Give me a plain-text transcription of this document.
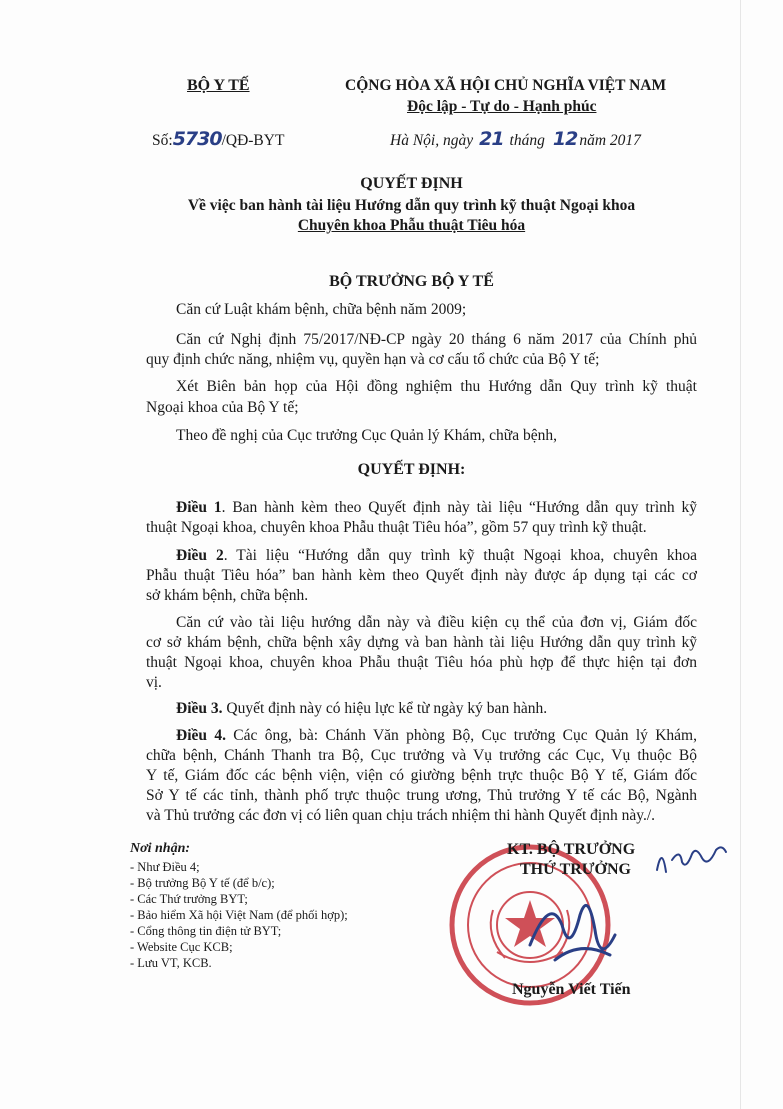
BỘ Y TẾ	CỘNG HÒA XÃ HỘI CHỦ NGHĨA VIỆT NAM
Độc lập - Tự do - Hạnh phúc
Số:5730/QĐ-BYT	Hà Nội, ngày 21 tháng 12 năm 2017
QUYẾT ĐỊNH
Về việc ban hành tài liệu Hướng dẫn quy trình kỹ thuật Ngoại khoa
Chuyên khoa Phẫu thuật Tiêu hóa
BỘ TRƯỞNG BỘ Y TẾ
Căn cứ Luật khám bệnh, chữa bệnh năm 2009;
Căn cứ Nghị định 75/2017/NĐ-CP ngày 20 tháng 6 năm 2017 của Chính phủ
quy định chức năng, nhiệm vụ, quyền hạn và cơ cấu tổ chức của Bộ Y tế;
Xét Biên bản họp của Hội đồng nghiệm thu Hướng dẫn Quy trình kỹ thuật
Ngoại khoa của Bộ Y tế;
Theo đề nghị của Cục trưởng Cục Quản lý Khám, chữa bệnh,
QUYẾT ĐỊNH:
Điều 1. Ban hành kèm theo Quyết định này tài liệu “Hướng dẫn quy trình kỹ
thuật Ngoại khoa, chuyên khoa Phẫu thuật Tiêu hóa”, gồm 57 quy trình kỹ thuật.
Điều 2. Tài liệu “Hướng dẫn quy trình kỹ thuật Ngoại khoa, chuyên khoa
Phẫu thuật Tiêu hóa” ban hành kèm theo Quyết định này được áp dụng tại các cơ
sở khám bệnh, chữa bệnh.
Căn cứ vào tài liệu hướng dẫn này và điều kiện cụ thể của đơn vị, Giám đốc
cơ sở khám bệnh, chữa bệnh xây dựng và ban hành tài liệu Hướng dẫn quy trình kỹ
thuật Ngoại khoa, chuyên khoa Phẫu thuật Tiêu hóa phù hợp để thực hiện tại đơn
vị.
Điều 3. Quyết định này có hiệu lực kể từ ngày ký ban hành.
Điều 4. Các ông, bà: Chánh Văn phòng Bộ, Cục trưởng Cục Quản lý Khám,
chữa bệnh, Chánh Thanh tra Bộ, Cục trưởng và Vụ trưởng các Cục, Vụ thuộc Bộ
Y tế, Giám đốc các bệnh viện, viện có giường bệnh trực thuộc Bộ Y tế, Giám đốc
Sở Y tế các tỉnh, thành phố trực thuộc trung ương, Thủ trưởng Y tế các Bộ, Ngành
và Thủ trưởng các đơn vị có liên quan chịu trách nhiệm thi hành Quyết định này./.
Nơi nhận:
- Như Điều 4;
- Bộ trưởng Bộ Y tế (để b/c);
- Các Thứ trưởng BYT;
- Bảo hiểm Xã hội Việt Nam (để phối hợp);
- Cổng thông tin điện tử BYT;
- Website Cục KCB;
- Lưu VT, KCB.
KT. BỘ TRƯỞNG
THỨ TRƯỞNG
Nguyễn Viết Tiến
